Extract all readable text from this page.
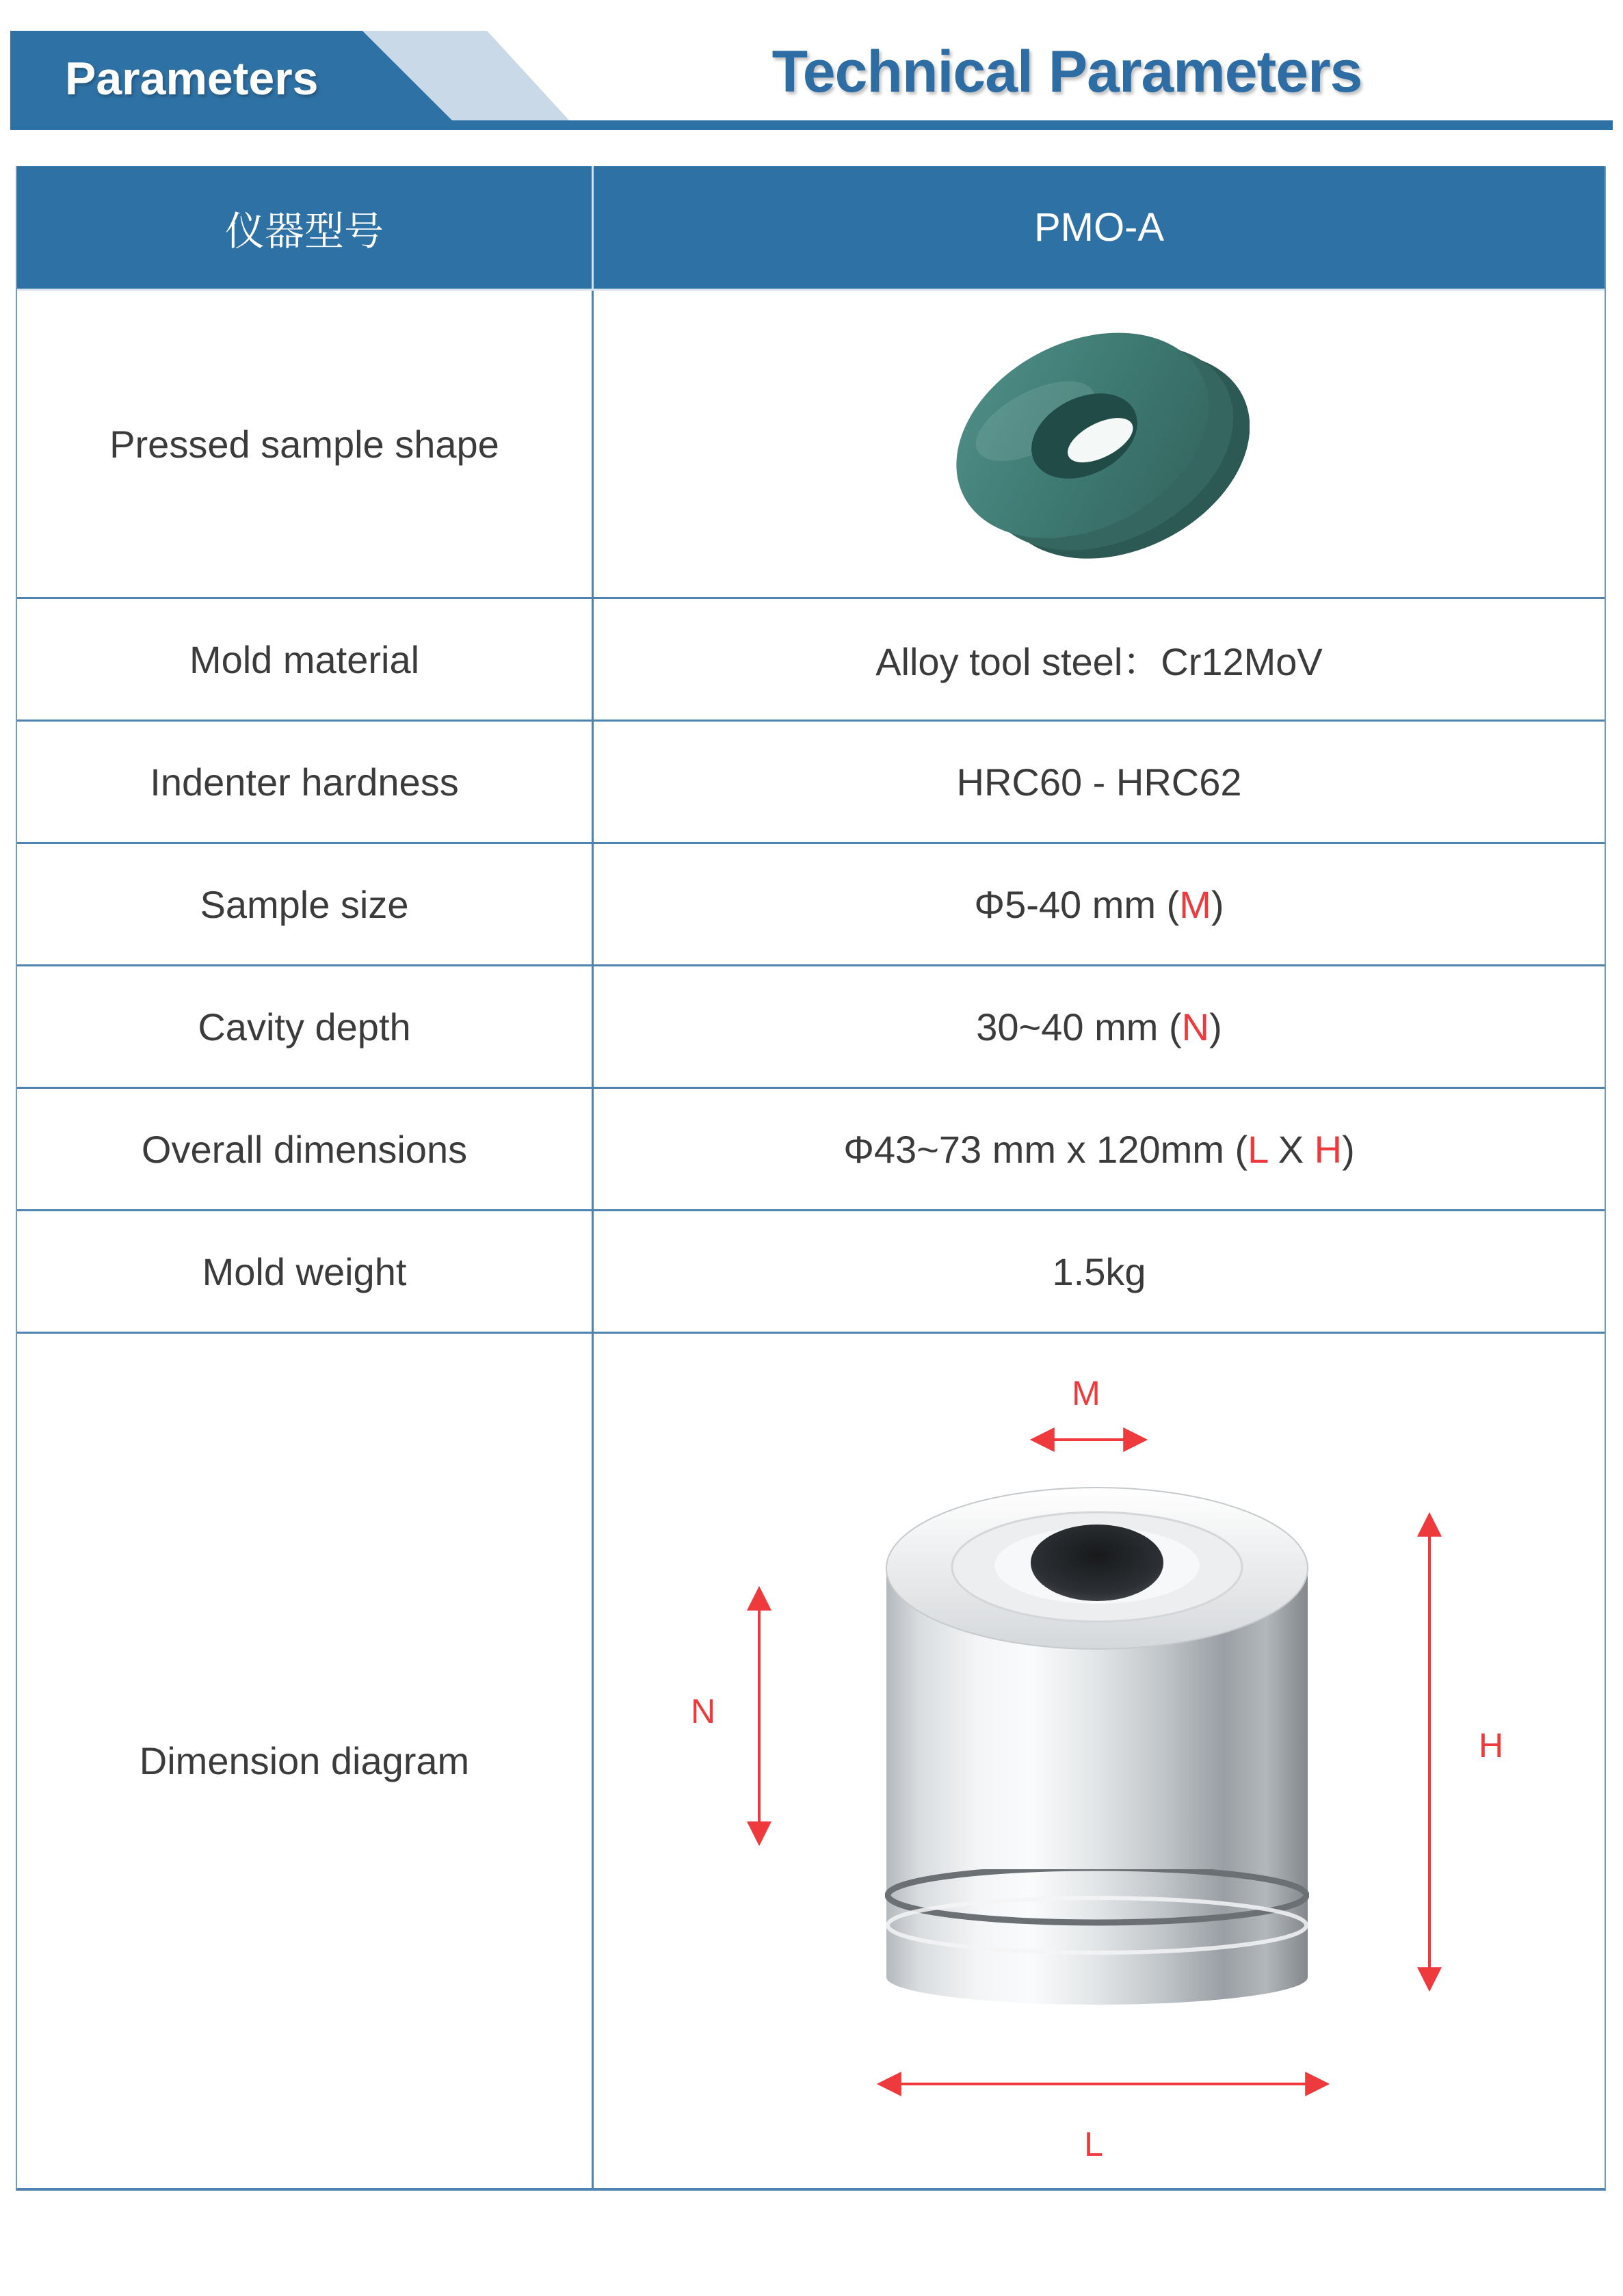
Parameters	Technical Parameters
仪器型号	PMO-A
Pressed sample shape
Mold material	Alloy tool steel：Cr12MoV
Indenter hardness	HRC60 - HRC62
Sample size	Φ5-40 mm (M)
Cavity depth	30~40 mm (N)
Overall dimensions	Φ43~73 mm x 120mm (L X H)
Mold weight	1.5kg
Dimension diagram
M
N
H
L
